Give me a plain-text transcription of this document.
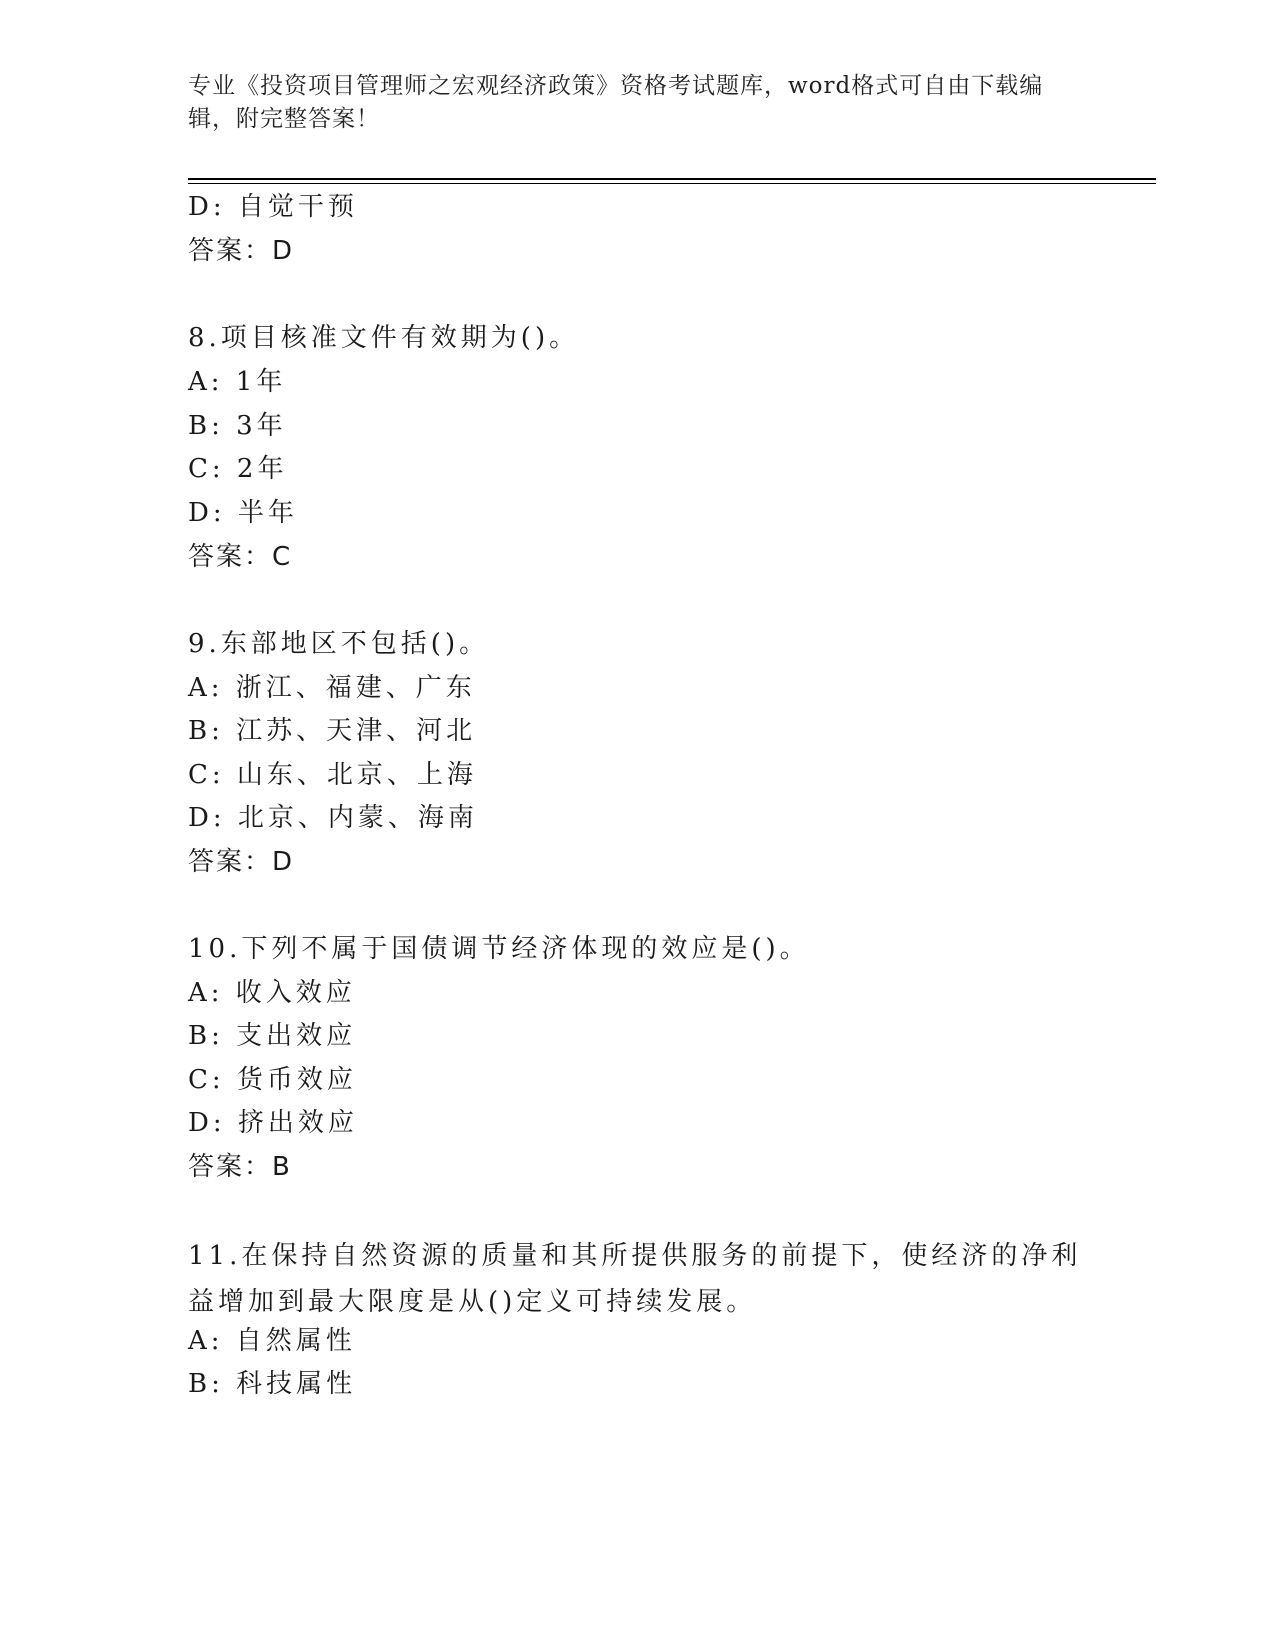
专业《投资项目管理师之宏观经济政策》资格考试题库，word格式可自由下载编辑，附完整答案！
D: 自觉干预
答案：D
8.项目核准文件有效期为()。
A: 1年
B: 3年
C: 2年
D: 半年
答案：C
9.东部地区不包括()。
A: 浙江、福建、广东
B: 江苏、天津、河北
C: 山东、北京、上海
D: 北京、内蒙、海南
答案：D
10.下列不属于国债调节经济体现的效应是()。
A: 收入效应
B: 支出效应
C: 货币效应
D: 挤出效应
答案：B
11.在保持自然资源的质量和其所提供服务的前提下，使经济的净利益增加到最大限度是从()定义可持续发展。
A: 自然属性
B: 科技属性
